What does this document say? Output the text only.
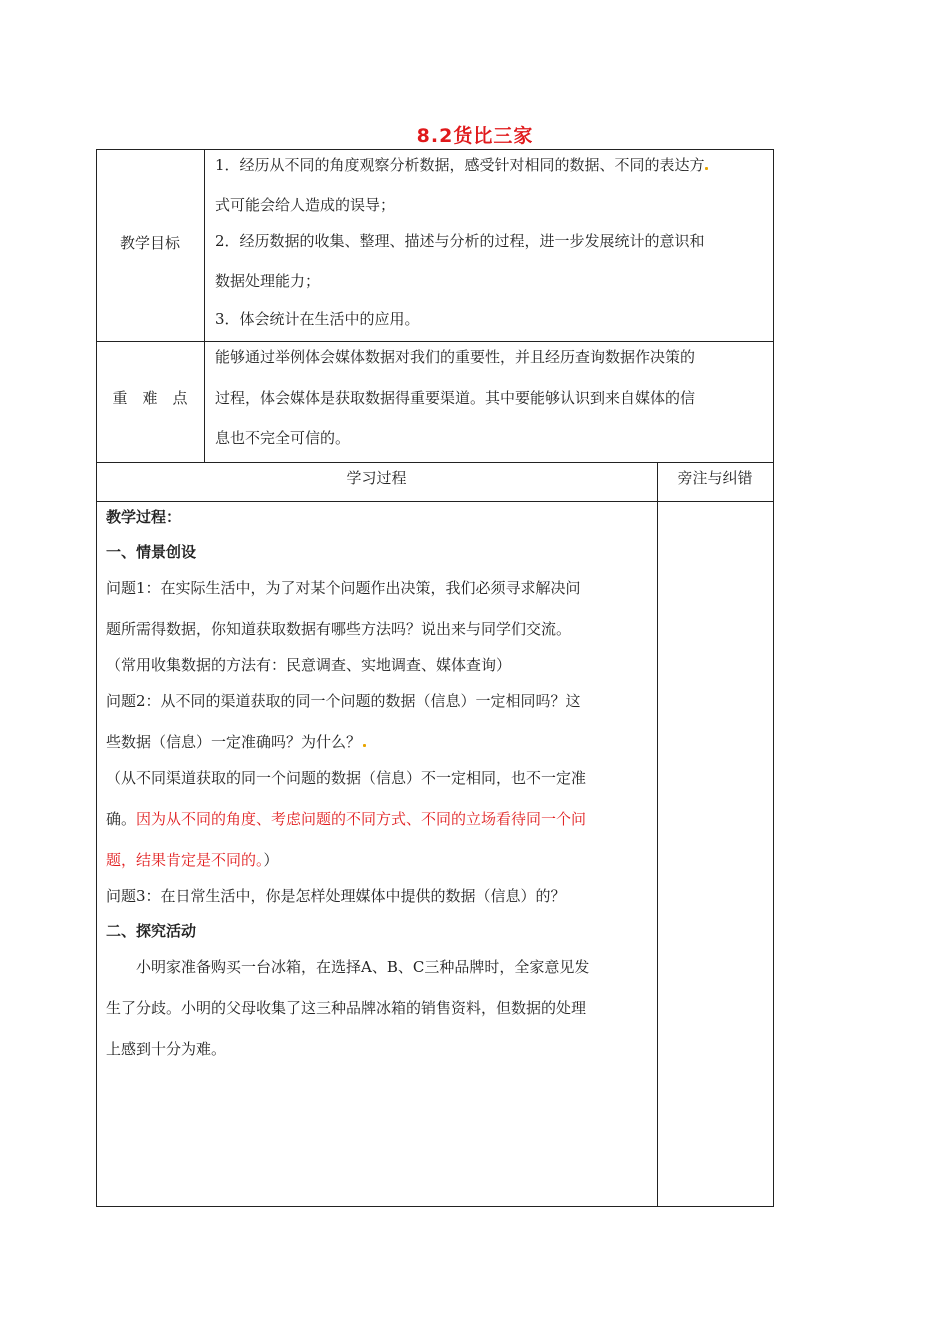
8.2货比三家
教学目标
1．经历从不同的角度观察分析数据，感受针对相同的数据、不同的表达方
式可能会给人造成的误导；
2．经历数据的收集、整理、描述与分析的过程，进一步发展统计的意识和
数据处理能力；
3．体会统计在生活中的应用。
重　难　点
能够通过举例体会媒体数据对我们的重要性，并且经历查询数据作决策的
过程，体会媒体是获取数据得重要渠道。其中要能够认识到来自媒体的信
息也不完全可信的。
学习过程	旁注与纠错
教学过程：
一、情景创设
问题1：在实际生活中，为了对某个问题作出决策，我们必须寻求解决问
题所需得数据，你知道获取数据有哪些方法吗？说出来与同学们交流。
（常用收集数据的方法有：民意调查、实地调查、媒体查询）
问题2：从不同的渠道获取的同一个问题的数据（信息）一定相同吗？这
些数据（信息）一定准确吗？为什么？
（从不同渠道获取的同一个问题的数据（信息）不一定相同，也不一定准
确。因为从不同的角度、考虑问题的不同方式、不同的立场看待同一个问
题，结果肯定是不同的。）
问题3：在日常生活中，你是怎样处理媒体中提供的数据（信息）的？
二、探究活动
小明家准备购买一台冰箱，在选择A、B、C三种品牌时，全家意见发
生了分歧。小明的父母收集了这三种品牌冰箱的销售资料，但数据的处理
上感到十分为难。
